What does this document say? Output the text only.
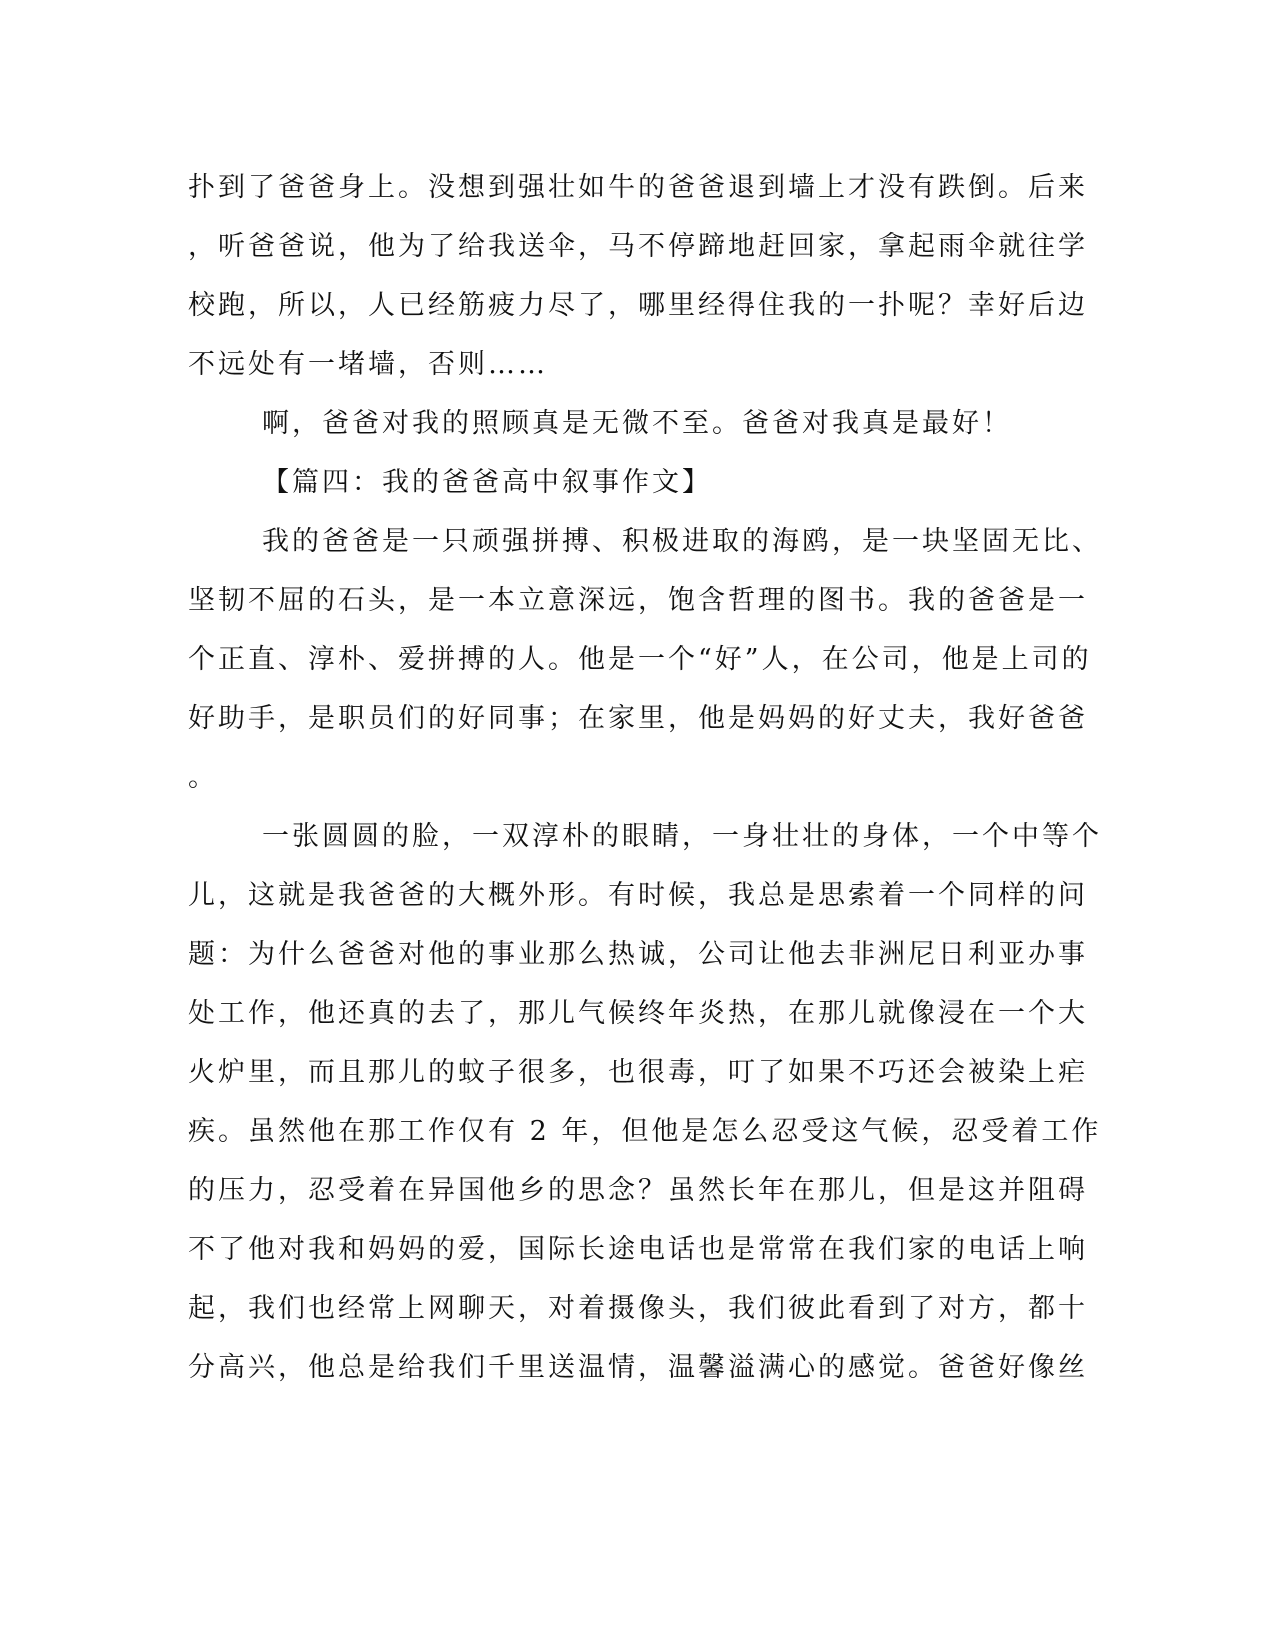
扑到了爸爸身上。没想到强壮如牛的爸爸退到墙上才没有跌倒。后来
，听爸爸说，他为了给我送伞，马不停蹄地赶回家，拿起雨伞就往学
校跑，所以，人已经筋疲力尽了，哪里经得住我的一扑呢？幸好后边
不远处有一堵墙，否则……
啊，爸爸对我的照顾真是无微不至。爸爸对我真是最好！
【篇四：我的爸爸高中叙事作文】
我的爸爸是一只顽强拼搏、积极进取的海鸥，是一块坚固无比、
坚韧不屈的石头，是一本立意深远，饱含哲理的图书。我的爸爸是一
个正直、淳朴、爱拼搏的人。他是一个“好”人，在公司，他是上司的
好助手，是职员们的好同事；在家里，他是妈妈的好丈夫，我好爸爸
。
一张圆圆的脸，一双淳朴的眼睛，一身壮壮的身体，一个中等个
儿，这就是我爸爸的大概外形。有时候，我总是思索着一个同样的问
题：为什么爸爸对他的事业那么热诚，公司让他去非洲尼日利亚办事
处工作，他还真的去了，那儿气候终年炎热，在那儿就像浸在一个大
火炉里，而且那儿的蚊子很多，也很毒，叮了如果不巧还会被染上疟
疾。虽然他在那工作仅有 2 年，但他是怎么忍受这气候，忍受着工作
的压力，忍受着在异国他乡的思念？虽然长年在那儿，但是这并阻碍
不了他对我和妈妈的爱，国际长途电话也是常常在我们家的电话上响
起，我们也经常上网聊天，对着摄像头，我们彼此看到了对方，都十
分高兴，他总是给我们千里送温情，温馨溢满心的感觉。爸爸好像丝
